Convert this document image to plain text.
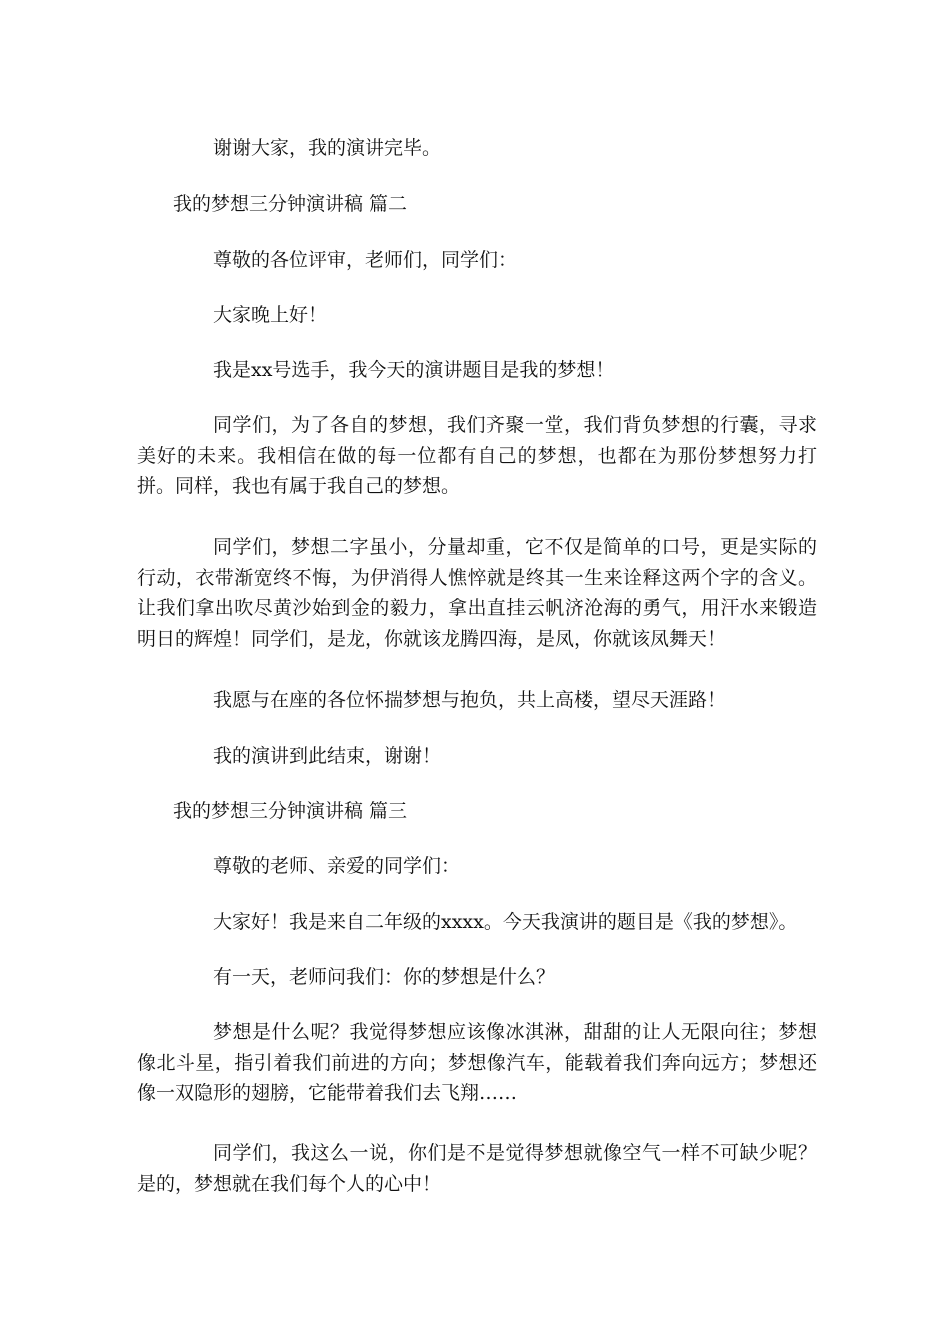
谢谢大家，我的演讲完毕。

我的梦想三分钟演讲稿 篇二

尊敬的各位评审，老师们，同学们：

大家晚上好！

我是xx号选手，我今天的演讲题目是我的梦想！

同学们，为了各自的梦想，我们齐聚一堂，我们背负梦想的行囊，寻求美好的未来。我相信在做的每一位都有自己的梦想，也都在为那份梦想努力打拼。同样，我也有属于我自己的梦想。

同学们，梦想二字虽小，分量却重，它不仅是简单的口号，更是实际的行动，衣带渐宽终不悔，为伊消得人憔悴就是终其一生来诠释这两个字的含义。让我们拿出吹尽黄沙始到金的毅力，拿出直挂云帆济沧海的勇气，用汗水来锻造明日的辉煌！同学们，是龙，你就该龙腾四海，是凤，你就该凤舞天！

我愿与在座的各位怀揣梦想与抱负，共上高楼，望尽天涯路！

我的演讲到此结束，谢谢！

我的梦想三分钟演讲稿 篇三

尊敬的老师、亲爱的同学们：

大家好！我是来自二年级的xxxx。今天我演讲的题目是《我的梦想》。

有一天，老师问我们：你的梦想是什么？

梦想是什么呢？我觉得梦想应该像冰淇淋，甜甜的让人无限向往；梦想像北斗星，指引着我们前进的方向；梦想像汽车，能载着我们奔向远方；梦想还像一双隐形的翅膀，它能带着我们去飞翔……

同学们，我这么一说，你们是不是觉得梦想就像空气一样不可缺少呢？是的，梦想就在我们每个人的心中！
